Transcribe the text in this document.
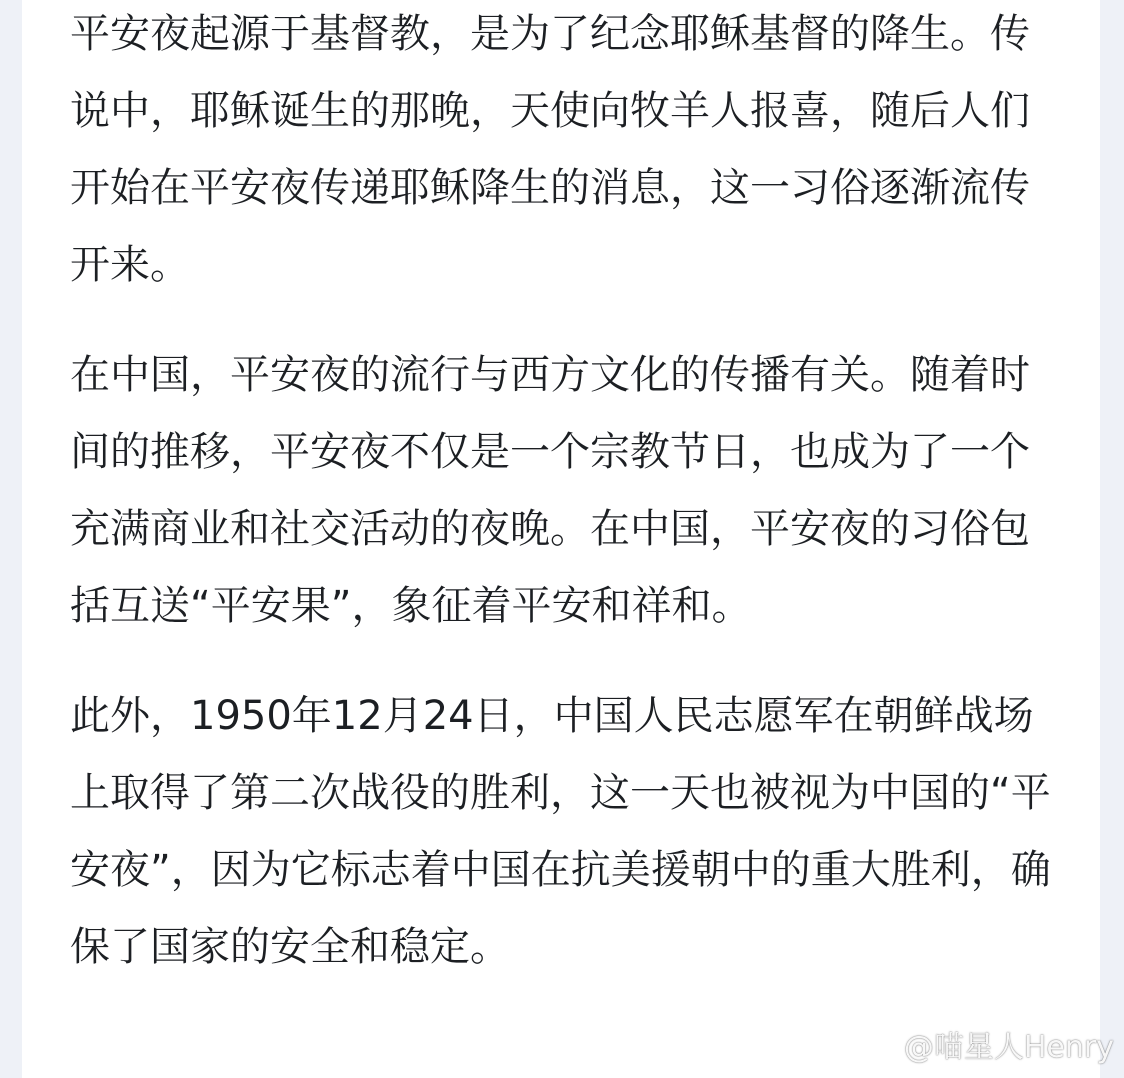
平安夜起源于基督教，是为了纪念耶稣基督的降生。传说中，耶稣诞生的那晚，天使向牧羊人报喜，随后人们开始在平安夜传递耶稣降生的消息，这一习俗逐渐流传开来。

在中国，平安夜的流行与西方文化的传播有关。随着时间的推移，平安夜不仅是一个宗教节日，也成为了一个充满商业和社交活动的夜晚。在中国，平安夜的习俗包括互送“平安果”，象征着平安和祥和。

此外，1950年12月24日，中国人民志愿军在朝鲜战场上取得了第二次战役的胜利，这一天也被视为中国的“平安夜”，因为它标志着中国在抗美援朝中的重大胜利，确保了国家的安全和稳定。

@喵星人Henry
